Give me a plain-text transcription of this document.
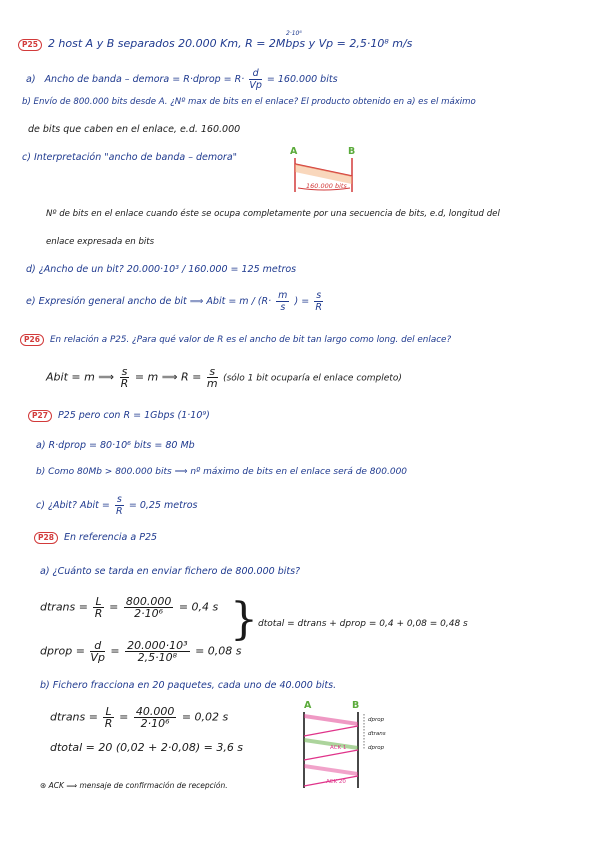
P25 2 host A y B separados 20.000 Km, R = 2Mbps y Vp = 2,5·10⁸ m/s
2·10⁶
a) Ancho de banda – demora = R·dprop = $R\cdot \frac{d}{Vp} = 160.000$ bits
b) Envío de 800.000 bits desde A. ¿Nº max de bits en el enlace? El producto obtenido en a) es el máximo
de bits que caben en el enlace, e.d. 160.000
c) Interpretación "ancho de banda – demora"
A	B
160.000 bits
Nº de bits en el enlace cuando éste se ocupa completamente por una secuencia de bits, e.d, longitud del
enlace expresada en bits
d) ¿Ancho de un bit? 20.000·10³ / 160.000 = 125 metros
e) Expresión general ancho de bit ⟹ Abit = $m / (R\cdot \frac{m}{s}$ ) = $\frac{s}{R}$
P26 En relación a P25. ¿Para qué valor de R es el ancho de bit tan largo como long. del enlace?
Abit = m ⟹ $\frac{s}{R} = m$ ⟹ $R = \frac{s}{m}$ (sólo 1 bit ocuparía el enlace completo)
P27 P25 pero con R = 1Gbps (1·10⁹)
a) R·dprop = 80·10⁶ bits = 80 Mb
b) Como 80Mb > 800.000 bits ⟹ nº máximo de bits en el enlace será de 800.000
c) ¿Abit? Abit = $\frac{s}{R} = 0,25$ metros
P28 En referencia a P25
a) ¿Cuánto se tarda en enviar fichero de 800.000 bits?
dtrans = $\frac{L}{R} = \frac{800.000}{\text{2·10⁶}} = 0,4$ s
dprop = $\frac{d}{Vp} = \frac{\text{20.000·10³}}{\text{2,5·10⁸}} = 0,08$ s
} dtotal = dtrans + dprop = 0,4 + 0,08 = 0,48 s
b) Fichero fracciona en 20 paquetes, cada uno de 40.000 bits.
dtrans = $\frac{L}{R} = \frac{40.000}{\text{2·10⁶}} = 0,02$ s
dtotal = 20 (0,02 + 2·0,08) = 3,6 s
⊛ ACK ⟹ mensaje de confirmación de recepción.
A	B
ACK 1
ACK 20
dprop
dtrans
dprop
